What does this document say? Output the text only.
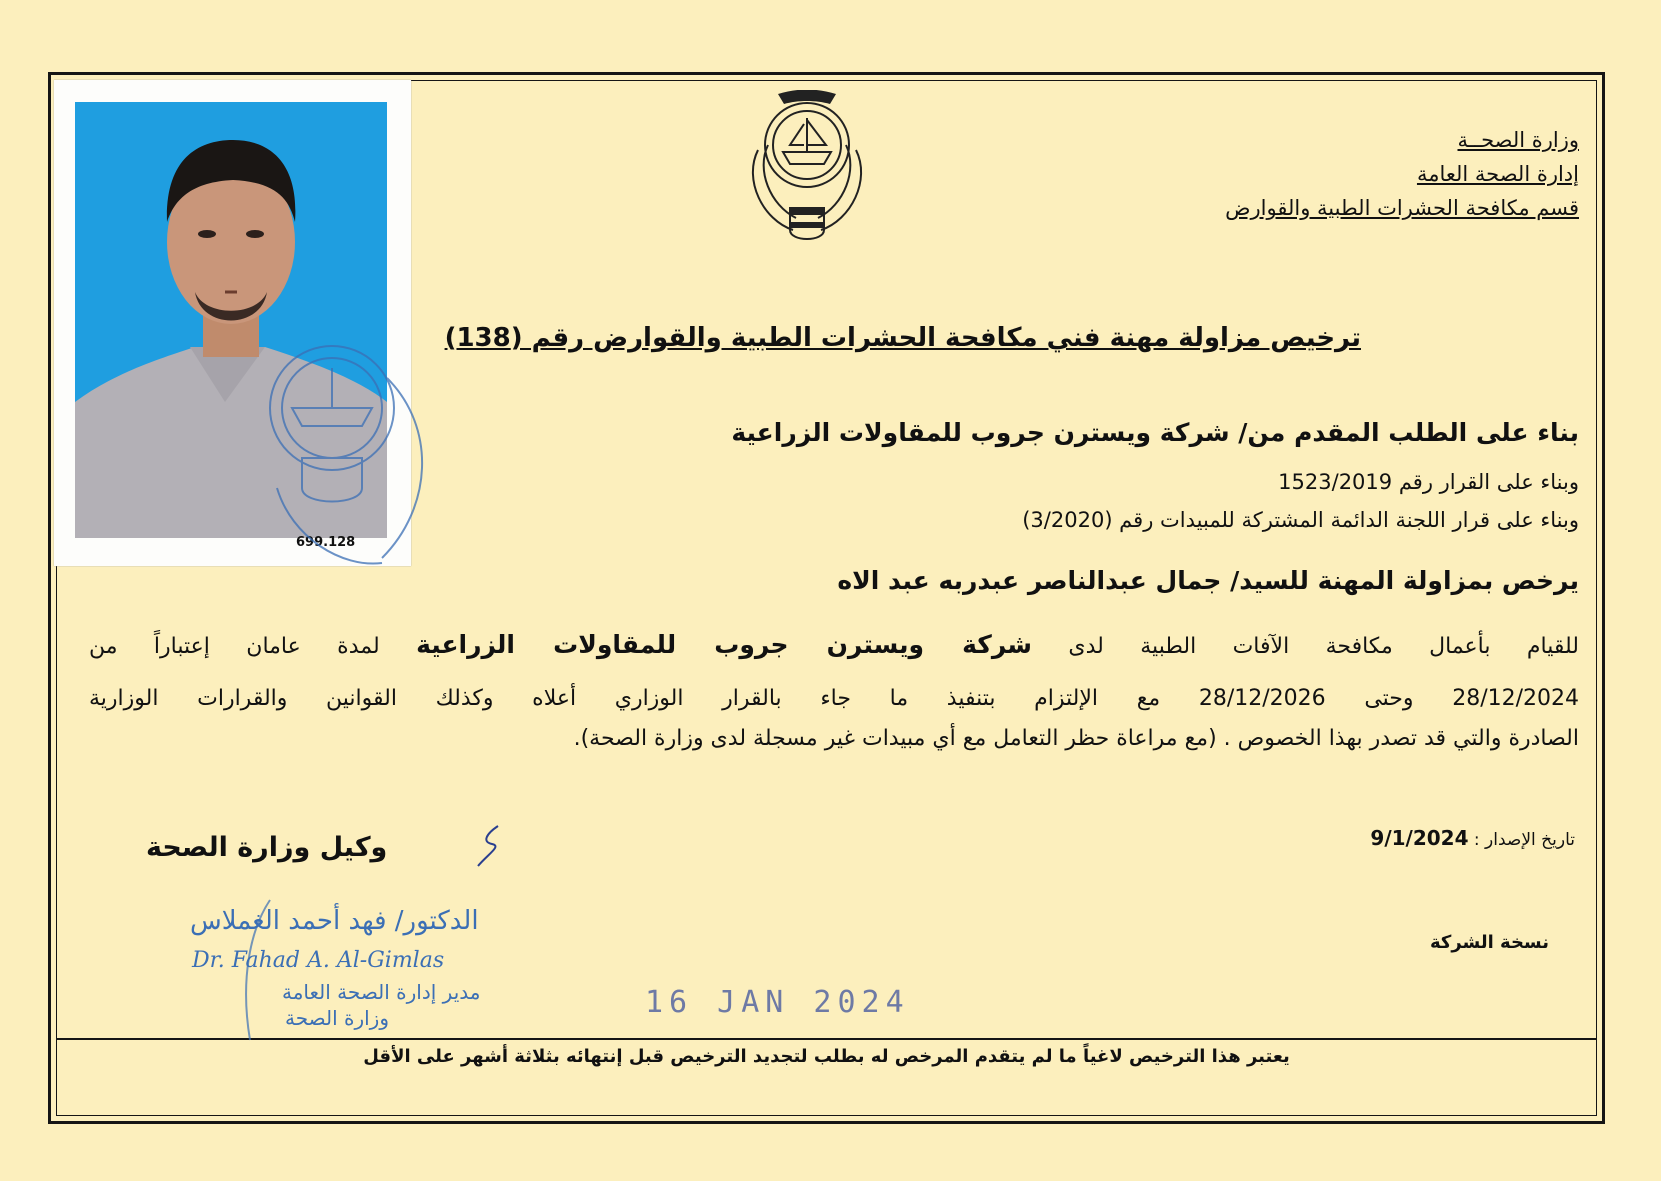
وزارة الصحــة
إدارة الصحة العامة
قسم مكافحة الحشرات الطبية والقوارض
699.128
ترخيص مزاولة مهنة فني مكافحة الحشرات الطبية والقوارض رقم (138)
بناء على الطلب المقدم من/ شركة ويسترن جروب للمقاولات الزراعية
وبناء على القرار رقم 1523/2019
وبناء على قرار اللجنة الدائمة المشتركة للمبيدات رقم (3/2020)
يرخص بمزاولة المهنة للسيد/ جمال عبدالناصر عبدربه عبد الاه
للقيام بأعمال مكافحة الآفات الطبية لدى شركة ويسترن جروب للمقاولات الزراعية لمدة عامان إعتباراً من
28/12/2024 وحتى 28/12/2026 مع الإلتزام بتنفيذ ما جاء بالقرار الوزاري أعلاه وكذلك القوانين والقرارات الوزارية
الصادرة والتي قد تصدر بهذا الخصوص . (مع مراعاة حظر التعامل مع أي مبيدات غير مسجلة لدى وزارة الصحة).
تاريخ الإصدار : 9/1/2024
نسخة الشركة
وكيل وزارة الصحة
الدكتور/ فهد أحمد الغملاس
Dr. Fahad A. Al-Gimlas
مدير إدارة الصحة العامة
وزارة الصحة	16 JAN 2024
يعتبر هذا الترخيص لاغياً ما لم يتقدم المرخص له بطلب لتجديد الترخيص قبل إنتهائه بثلاثة أشهر على الأقل
